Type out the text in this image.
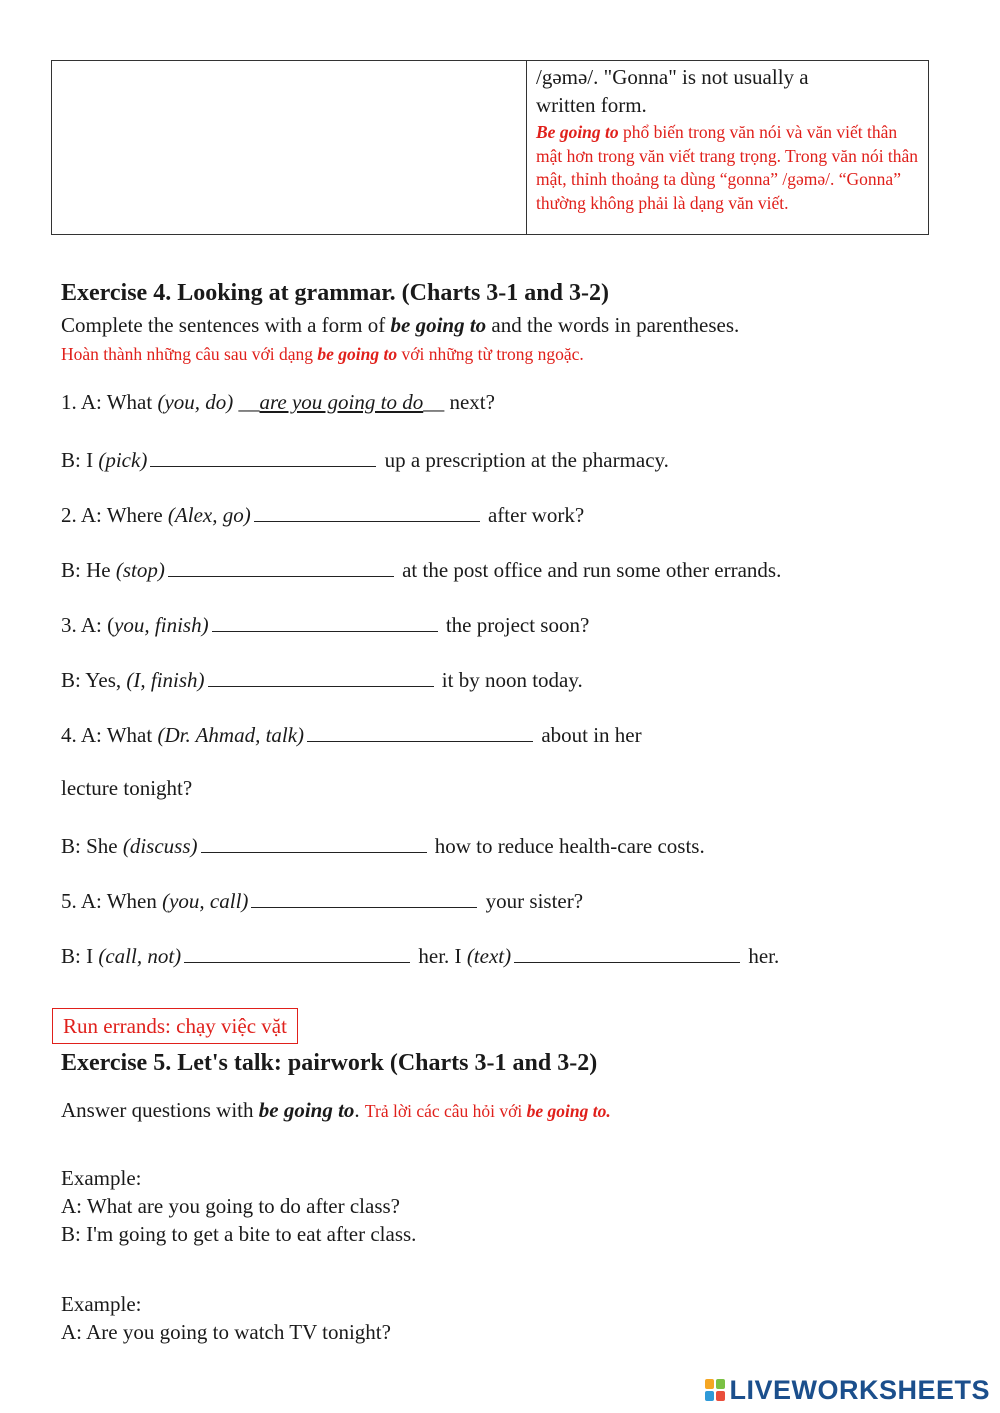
/gəmə/. "Gonna" is not usually a
written form.
Be going to phổ biến trong văn nói và văn viết thân mật hơn trong văn viết trang trọng. Trong văn nói thân mật, thỉnh thoảng ta dùng “gonna” /gəmə/. “Gonna” thường không phải là dạng văn viết.
Exercise 4. Looking at grammar. (Charts 3-1 and 3-2)
Complete the sentences with a form of be going to and the words in parentheses.
Hoàn thành những câu sau với dạng be going to với những từ trong ngoặc.
1. A: What (you, do) __are you going to do__ next?
B: I (pick)	up a prescription at the pharmacy.
2. A: Where (Alex, go)	after work?
B: He (stop)	at the post office and run some other errands.
3. A: (you, finish)	the project soon?
B: Yes, (I, finish)	it by noon today.
4. A: What (Dr. Ahmad, talk)	about in her
lecture tonight?
B: She (discuss)	how to reduce health-care costs.
5. A: When (you, call)	your sister?
B: I (call, not)	her. I (text)	her.
Run errands: chạy việc vặt
Exercise 5. Let's talk: pairwork (Charts 3-1 and 3-2)
Answer questions with be going to. Trả lời các câu hỏi với be going to.
Example:
A: What are you going to do after class?
B: I'm going to get a bite to eat after class.
Example:
A: Are you going to watch TV tonight?
LIVEWORKSHEETS
